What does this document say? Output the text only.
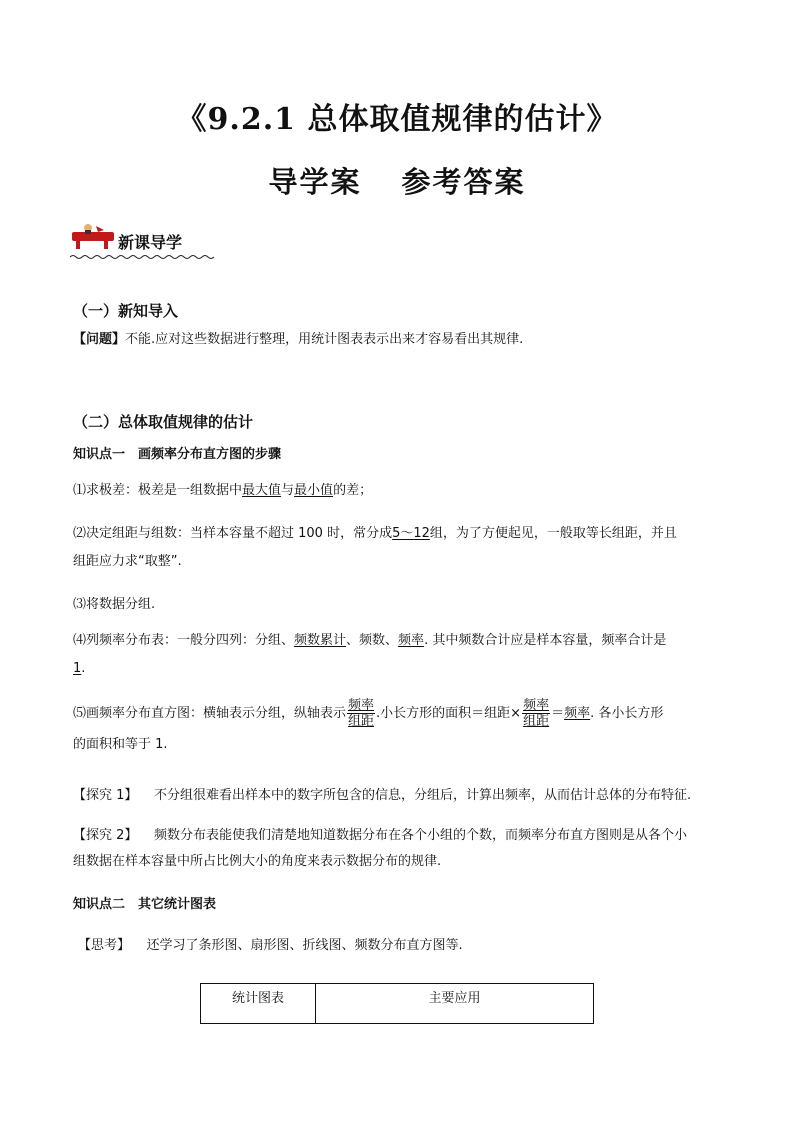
《9.2.1 总体取值规律的估计》
导学案 参考答案
新课导学
（一）新知导入
【问题】不能.应对这些数据进行整理，用统计图表表示出来才容易看出其规律.
（二）总体取值规律的估计
知识点一　画频率分布直方图的步骤
⑴求极差：极差是一组数据中最大值与最小值的差；
⑵决定组距与组数：当样本容量不超过 100 时，常分成5～12组，为了方便起见，一般取等长组距，并且
组距应力求“取整”.
⑶将数据分组.
⑷列频率分布表：一般分四列：分组、频数累计、频数、频率. 其中频数合计应是样本容量，频率合计是
1.
⑸画频率分布直方图：横轴表示分组，纵轴表示 $\frac{\text{频率}}{\text{组距}}$ .小长方形的面积＝组距× $\frac{\text{频率}}{\text{组距}}$ ＝频率. 各小长方形
的面积和等于 1.
【探究 1】 不分组很难看出样本中的数字所包含的信息，分组后，计算出频率，从而估计总体的分布特征.
【探究 2】 频数分布表能使我们清楚地知道数据分布在各个小组的个数，而频率分布直方图则是从各个小
组数据在样本容量中所占比例大小的角度来表示数据分布的规律.
知识点二　其它统计图表
【思考】 还学习了条形图、扇形图、折线图、频数分布直方图等.
统计图表	主要应用
